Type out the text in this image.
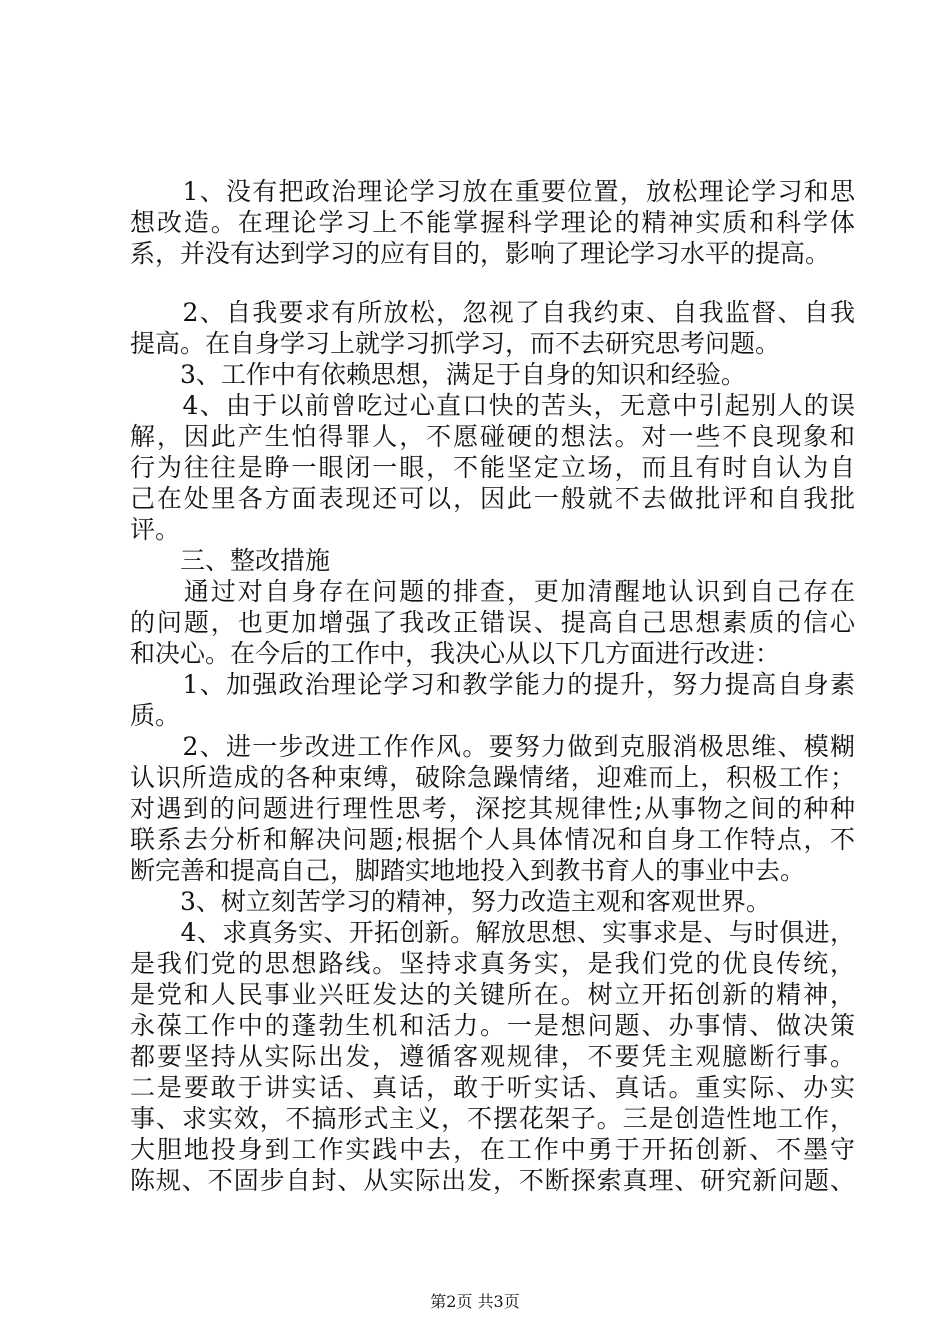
　　1、没有把政治理论学习放在重要位置，放松理论学习和思
想改造。在理论学习上不能掌握科学理论的精神实质和科学体
系，并没有达到学习的应有目的，影响了理论学习水平的提高。
　　2、自我要求有所放松，忽视了自我约束、自我监督、自我
提高。在自身学习上就学习抓学习，而不去研究思考问题。
　　3、工作中有依赖思想，满足于自身的知识和经验。
　　4、由于以前曾吃过心直口快的苦头，无意中引起别人的误
解，因此产生怕得罪人，不愿碰硬的想法。对一些不良现象和
行为往往是睁一眼闭一眼，不能坚定立场，而且有时自认为自
己在处里各方面表现还可以，因此一般就不去做批评和自我批
评。
　　三、整改措施
　　通过对自身存在问题的排查，更加清醒地认识到自己存在
的问题，也更加增强了我改正错误、提高自己思想素质的信心
和决心。在今后的工作中，我决心从以下几方面进行改进：
　　1、加强政治理论学习和教学能力的提升，努力提高自身素
质。
　　2、进一步改进工作作风。要努力做到克服消极思维、模糊
认识所造成的各种束缚，破除急躁情绪，迎难而上，积极工作；
对遇到的问题进行理性思考，深挖其规律性;从事物之间的种种
联系去分析和解决问题;根据个人具体情况和自身工作特点，不
断完善和提高自己，脚踏实地地投入到教书育人的事业中去。
　　3、树立刻苦学习的精神，努力改造主观和客观世界。
　　4、求真务实、开拓创新。解放思想、实事求是、与时俱进，
是我们党的思想路线。坚持求真务实，是我们党的优良传统，
是党和人民事业兴旺发达的关键所在。树立开拓创新的精神，
永葆工作中的蓬勃生机和活力。一是想问题、办事情、做决策
都要坚持从实际出发，遵循客观规律，不要凭主观臆断行事。
二是要敢于讲实话、真话，敢于听实话、真话。重实际、办实
事、求实效，不搞形式主义，不摆花架子。三是创造性地工作，
大胆地投身到工作实践中去，在工作中勇于开拓创新、不墨守
陈规、不固步自封、从实际出发，不断探索真理、研究新问题、
第2页 共3页
